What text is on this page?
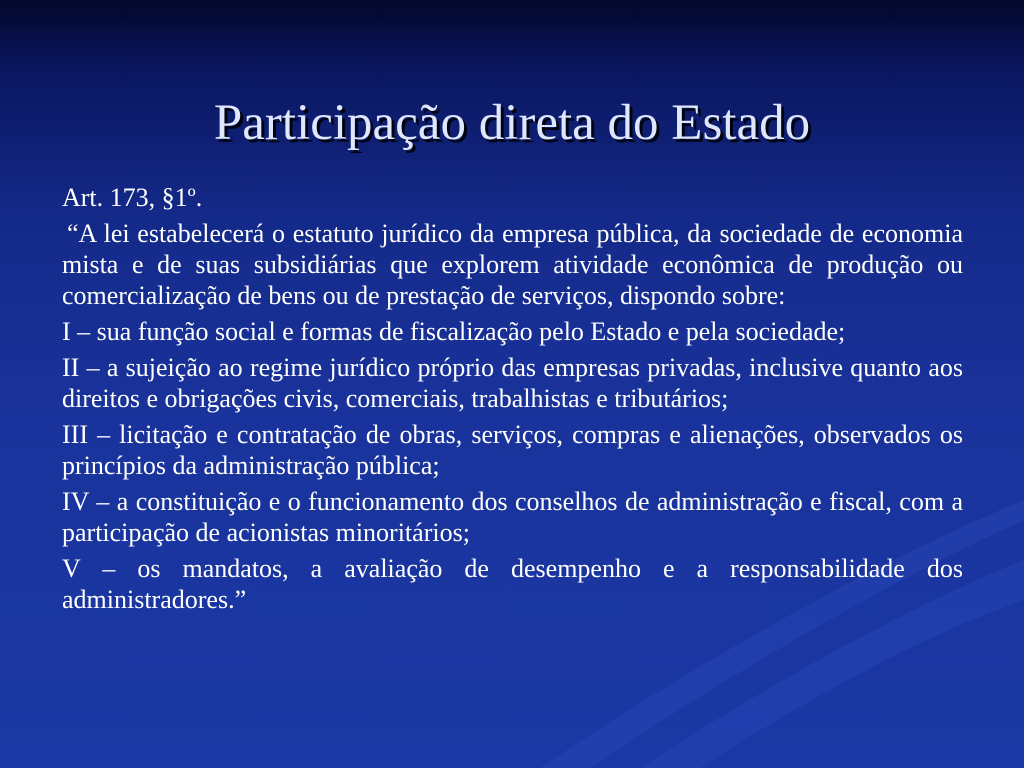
Participação direta do Estado

Art. 173, §1º.

“A lei estabelecerá o estatuto jurídico da empresa pública, da sociedade de economia mista e de suas subsidiárias que explorem atividade econômica de produção ou comercialização de bens ou de prestação de serviços, dispondo sobre:

I – sua função social e formas de fiscalização pelo Estado e pela sociedade;

II – a sujeição ao regime jurídico próprio das empresas privadas, inclusive quanto aos direitos e obrigações civis, comerciais, trabalhistas e tributários;

III – licitação e contratação de obras, serviços, compras e alienações, observados os princípios da administração pública;

IV – a constituição e o funcionamento dos conselhos de administração e fiscal, com a participação de acionistas minoritários;

V – os mandatos, a avaliação de desempenho e a responsabilidade dos administradores.”
